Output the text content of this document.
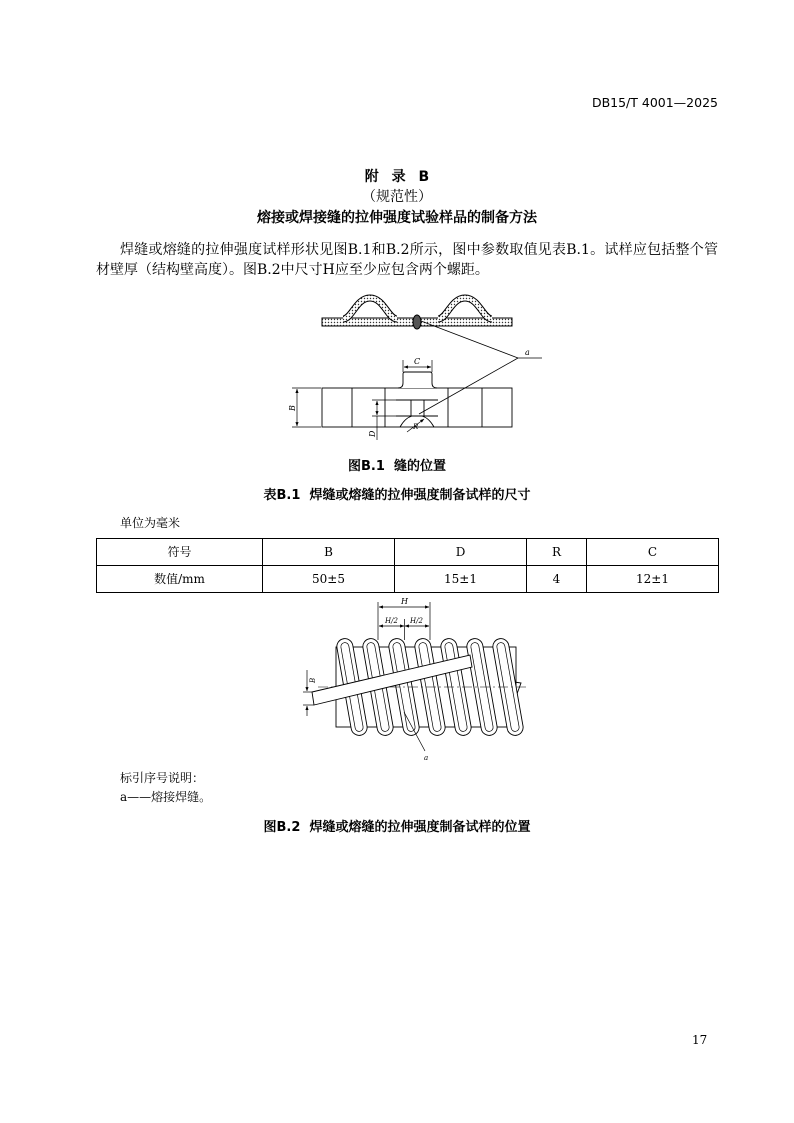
DB15/T 4001—2025
附 录 B
（规范性）
熔接或焊接缝的拉伸强度试验样品的制备方法
焊缝或熔缝的拉伸强度试样形状见图B.1和B.2所示，图中参数取值见表B.1。试样应包括整个管材壁厚（结构壁高度）。图B.2中尺寸H应至少应包含两个螺距。
a
C
B
D
R
图B.1  缝的位置
表B.1  焊缝或熔缝的拉伸强度制备试样的尺寸
单位为毫米
符号	B	D	R	C
数值/mm	50±5	15±1	4	12±1
B
H
H/2 H/2
a
标引序号说明：
a——熔接焊缝。
图B.2  焊缝或熔缝的拉伸强度制备试样的位置
17
